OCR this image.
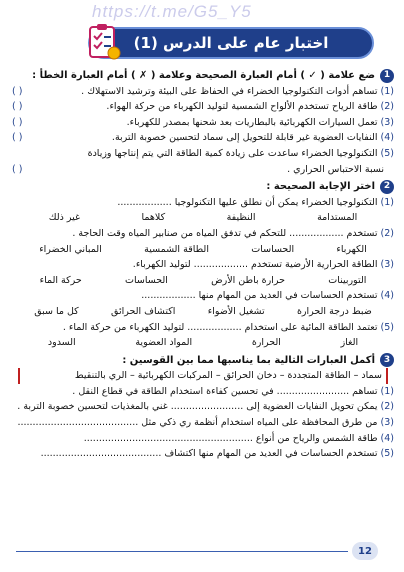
https://t.me/G5_Y5
اختبار عام على الدرس (1)
1
ضع علامة ( ✓ ) أمام العبارة الصحيحة وعلامة ( ✗ ) أمام العبارة الخطأ :
(1)
تساهم أدوات التكنولوجيا الخضراء في الحفاظ على البيئة وترشيد الاستهلاك .
( )
(2)
طاقة الرياح تستخدم الألواح الشمسية لتوليد الكهرباء من حركة الهواء.
( )
(3)
تعمل السيارات الكهربائية بالبطاريات بعد شحنها بمصدر للكهرباء.
( )
(4)
النفايات العضوية غير قابلة للتحويل إلى سماد لتحسين خصوبة التربة.
( )
(5)
التكنولوجيا الخضراء ساعدت على زيادة كمية الطاقة التي يتم إنتاجها وزيادة
نسبة الاحتباس الحراري .
( )
2
اختر الإجابة الصحيحة :
(1)
التكنولوجيا الخضراء يمكن أن نطلق عليها التكنولوجيا ..................
المستدامة
النظيفة
كلاهما
غير ذلك
(2)
تستخدم .................. للتحكم في تدفق المياه من صنابير المياه وقت الحاجة .
الكهرباء
الحساسات
الطاقة الشمسية
المباني الخضراء
(3)
الطاقة الحرارية الأرضية تستخدم .................. لتوليد الكهرباء.
التوربينات
حرارة باطن الأرض
الحساسات
حركة الماء
(4)
تستخدم الحساسات في العديد من المهام منها ..................
ضبط درجة الحرارة
تشغيل الأضواء
اكتشاف الحرائق
كل ما سبق
(5)
تعتمد الطاقة المائية على استخدام .................. لتوليد الكهرباء من حركة الماء .
الغاز
الحرارة
المواد العضوية
السدود
3
أكمل العبارات التالية بما يناسبها مما بين القوسين :
سماد – الطاقة المتجددة – دخان الحرائق – المركبات الكهربائية – الري بالتنقيط
(1)
تساهم ........................ في تحسين كفاءة استخدام الطاقة في قطاع النقل .
(2)
يمكن تحويل النفايات العضوية إلى ........................ غني بالمغذيات لتحسين خصوبة التربة .
(3)
من طرق المحافظة على المياه استخدام أنظمة ري ذكي مثل ........................................
(4)
طاقة الشمس والرياح من أنواع ........................................................
(5)
تستخدم الحساسات في العديد من المهام منها اكتشاف ........................................
12
